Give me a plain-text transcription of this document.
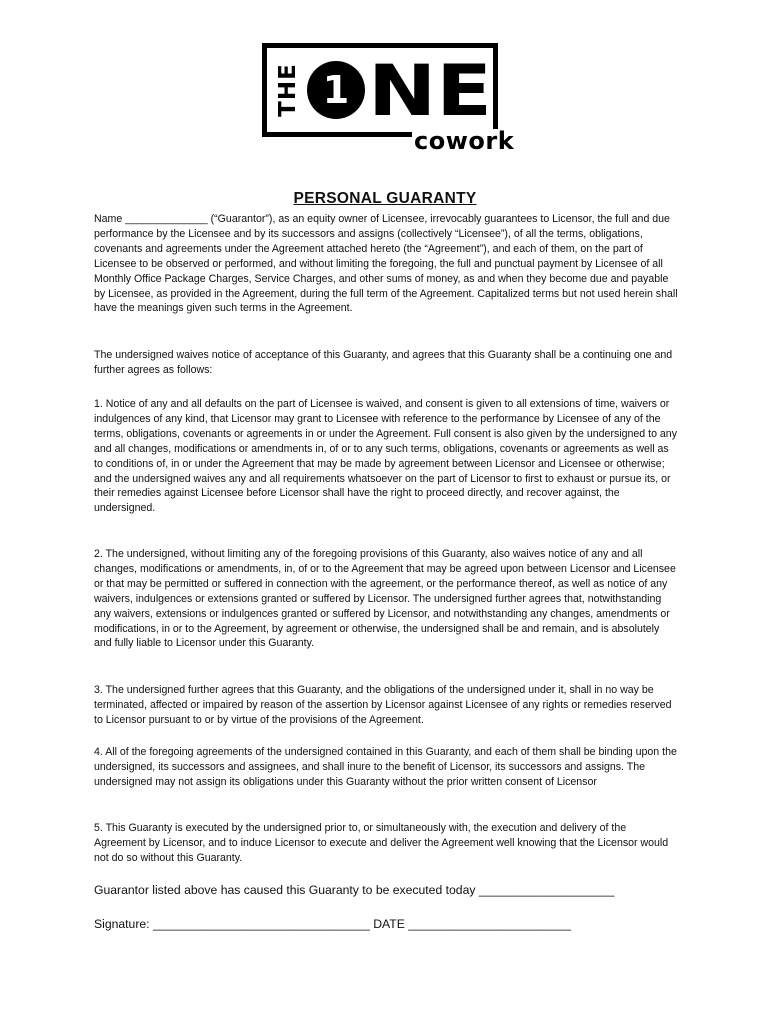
THE 1 NE
cowork
PERSONAL GUARANTY

Name ______________ (“Guarantor”), as an equity owner of Licensee, irrevocably guarantees to Licensor, the full and due performance by the Licensee and by its successors and assigns (collectively “Licensee”), of all the terms, obligations, covenants and agreements under the Agreement attached hereto (the “Agreement”), and each of them, on the part of Licensee to be observed or performed, and without limiting the foregoing, the full and punctual payment by Licensee of all Monthly Office Package Charges, Service Charges, and other sums of money, as and when they become due and payable by Licensee, as provided in the Agreement, during the full term of the Agreement. Capitalized terms but not used herein shall have the meanings given such terms in the Agreement.

The undersigned waives notice of acceptance of this Guaranty, and agrees that this Guaranty shall be a continuing one and further agrees as follows:

1. Notice of any and all defaults on the part of Licensee is waived, and consent is given to all extensions of time, waivers or indulgences of any kind, that Licensor may grant to Licensee with reference to the performance by Licensee of any of the terms, obligations, covenants or agreements in or under the Agreement. Full consent is also given by the undersigned to any and all changes, modifications or amendments in, of or to any such terms, obligations, covenants or agreements as well as to conditions of, in or under the Agreement that may be made by agreement between Licensor and Licensee or otherwise; and the undersigned waives any and all requirements whatsoever on the part of Licensor to first to exhaust or pursue its, or their remedies against Licensee before Licensor shall have the right to proceed directly, and recover against, the undersigned.

2. The undersigned, without limiting any of the foregoing provisions of this Guaranty, also waives notice of any and all changes, modifications or amendments, in, of or to the Agreement that may be agreed upon between Licensor and Licensee or that may be permitted or suffered in connection with the agreement, or the performance thereof, as well as notice of any waivers, indulgences or extensions granted or suffered by Licensor. The undersigned further agrees that, notwithstanding any waivers, extensions or indulgences granted or suffered by Licensor, and notwithstanding any changes, amendments or modifications, in or to the Agreement, by agreement or otherwise, the undersigned shall be and remain, and is absolutely and fully liable to Licensor under this Guaranty.

3. The undersigned further agrees that this Guaranty, and the obligations of the undersigned under it, shall in no way be terminated, affected or impaired by reason of the assertion by Licensor against Licensee of any rights or remedies reserved to Licensor pursuant to or by virtue of the provisions of the Agreement.

4. All of the foregoing agreements of the undersigned contained in this Guaranty, and each of them shall be binding upon the undersigned, its successors and assignees, and shall inure to the benefit of Licensor, its successors and assigns. The undersigned may not assign its obligations under this Guaranty without the prior written consent of Licensor

5. This Guaranty is executed by the undersigned prior to, or simultaneously with, the execution and delivery of the Agreement by Licensor, and to induce Licensor to execute and deliver the Agreement well knowing that the Licensor would not do so without this Guaranty.

Guarantor listed above has caused this Guaranty to be executed today ____________________
Signature: ________________________________ DATE ________________________
